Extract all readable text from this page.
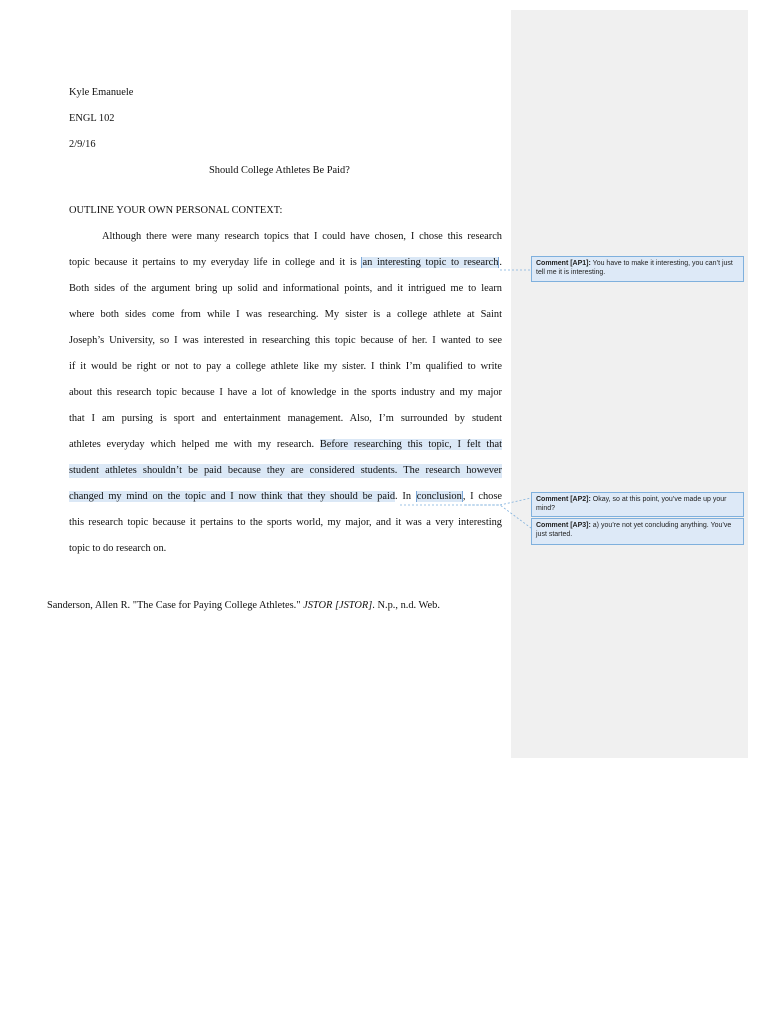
Kyle Emanuele
ENGL 102
2/9/16
Should College Athletes Be Paid?
OUTLINE YOUR OWN PERSONAL CONTEXT:
Although there were many research topics that I could have chosen, I chose this research
topic because it pertains to my everyday life in college and it is an interesting topic to research.
Both sides of the argument bring up solid and informational points, and it intrigued me to learn
where both sides come from while I was researching. My sister is a college athlete at Saint
Joseph’s University, so I was interested in researching this topic because of her. I wanted to see
if it would be right or not to pay a college athlete like my sister. I think I’m qualified to write
about this research topic because I have a lot of knowledge in the sports industry and my major
that I am pursing is sport and entertainment management. Also, I’m surrounded by student
athletes everyday which helped me with my research. Before researching this topic, I felt that
student athletes shouldn’t be paid because they are considered students. The research however
changed my mind on the topic and I now think that they should be paid. In conclusion, I chose
this research topic because it pertains to the sports world, my major, and it was a very interesting
topic to do research on.
Sanderson, Allen R. "The Case for Paying College Athletes." JSTOR [JSTOR]. N.p., n.d. Web.
Comment [AP1]: You have to make it interesting, you can’t just tell me it is interesting.
Comment [AP2]: Okay, so at this point, you’ve made up your mind?
Comment [AP3]: a) you’re not yet concluding anything. You’ve just started.
